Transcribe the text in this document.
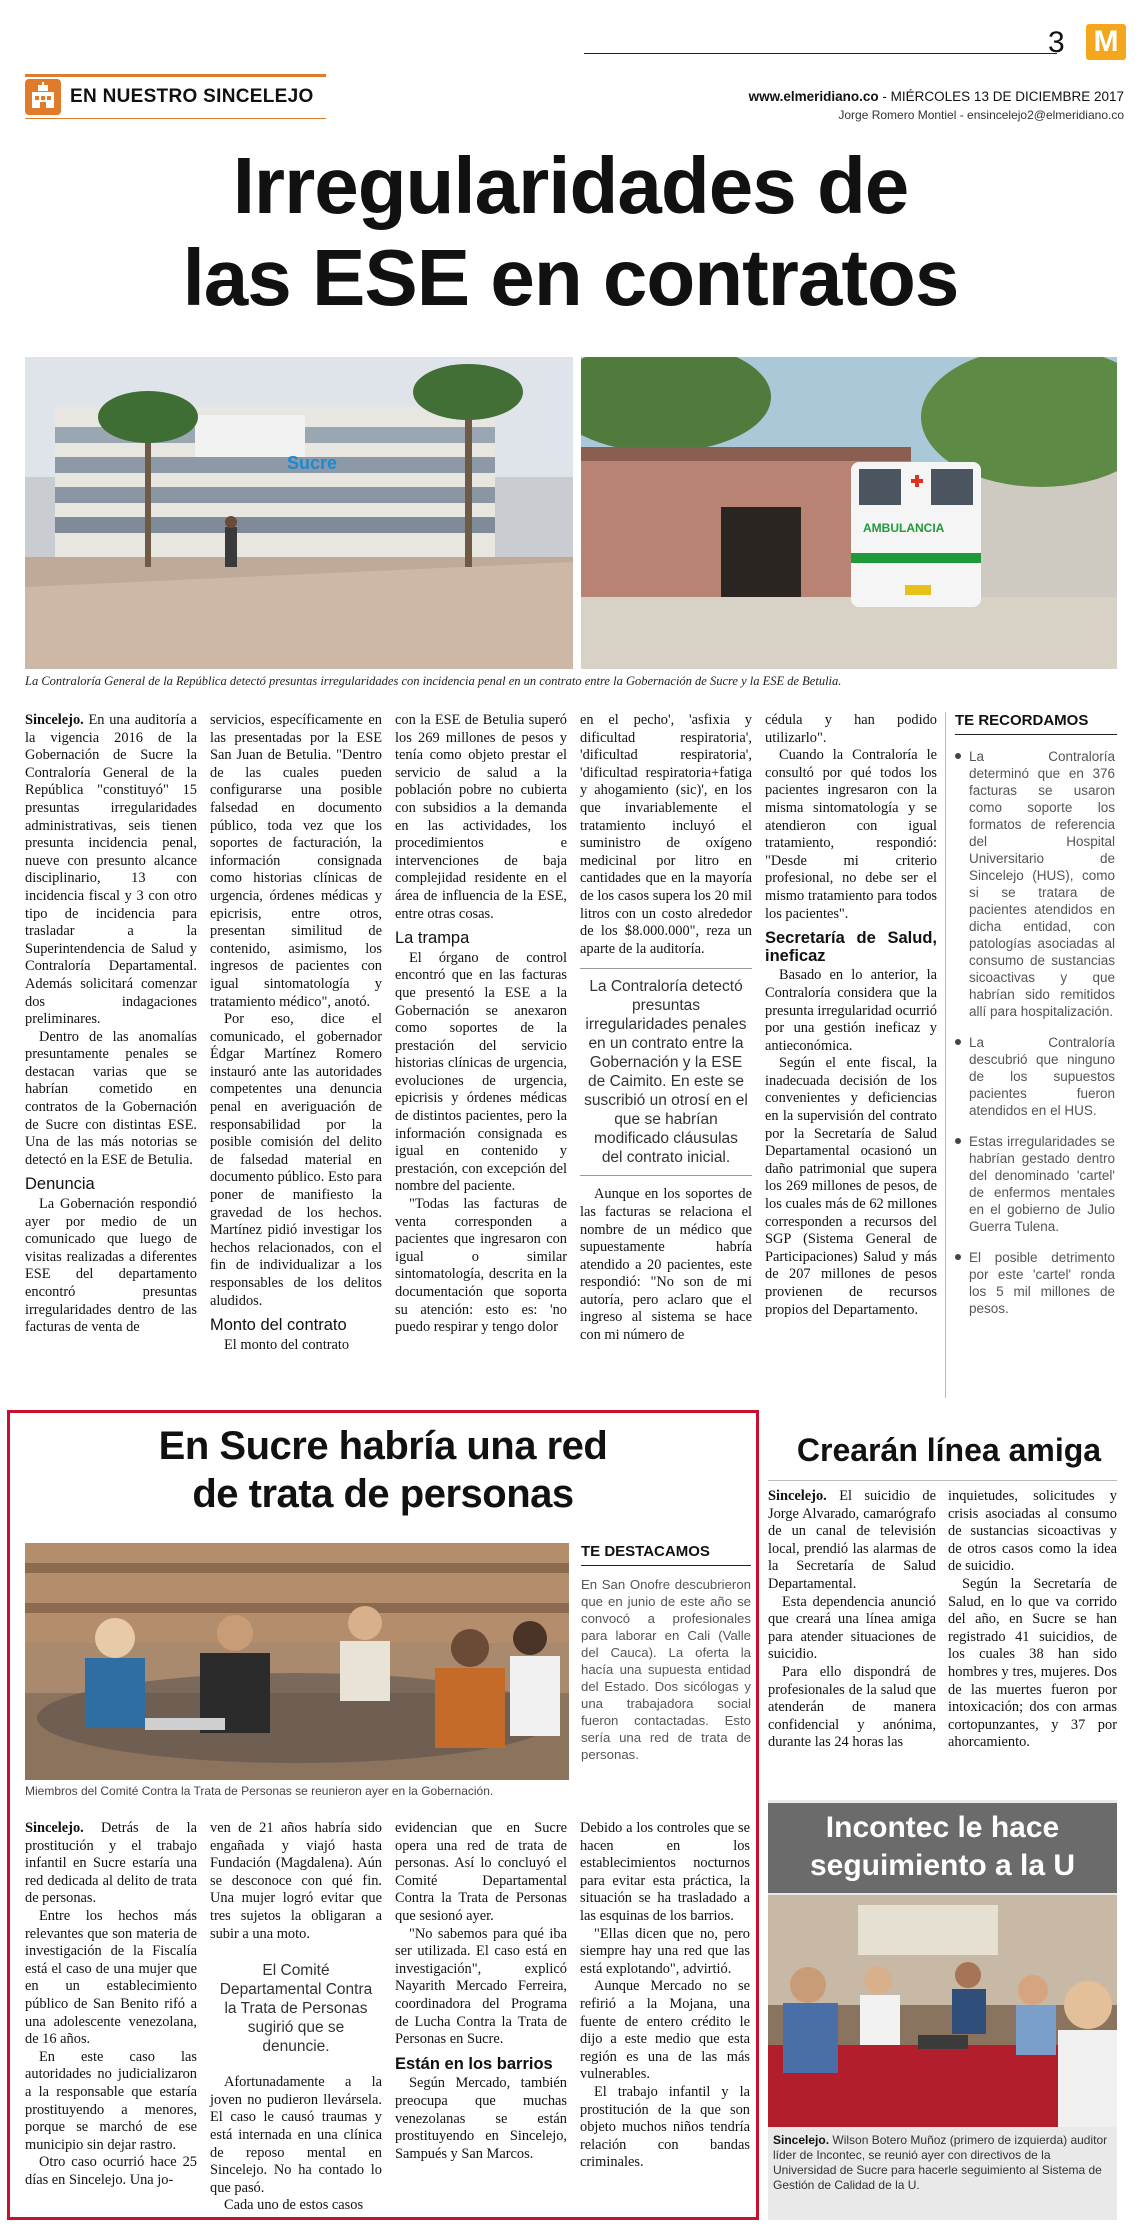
3 M
EN NUESTRO SINCELEJO	www.elmeridiano.co - MIÉRCOLES 13 DE DICIEMBRE 2017
Jorge Romero Montiel - ensincelejo2@elmeridiano.co
Irregularidades de
las ESE en contratos
Sucre
AMBULANCIA
La Contraloría General de la República detectó presuntas irregularidades con incidencia penal en un contrato entre la Gobernación de Sucre y la ESE de Betulia.

Sincelejo. En una auditoría a la vigencia 2016 de la Gobernación de Sucre la Contraloría General de la República "constituyó" 15 presuntas irregularidades administrativas, seis tienen presunta incidencia penal, nueve con presunto alcance disciplinario, 13 con incidencia fiscal y 3 con otro tipo de incidencia para trasladar a la Superintendencia de Salud y Contraloría Departamental. Además solicitará comenzar dos indagaciones preliminares.

Dentro de las anomalías presuntamente penales se destacan varias que se habrían cometido en contratos de la Gobernación de Sucre con distintas ESE. Una de las más notorias se detectó en la ESE de Betulia.

Denuncia

La Gobernación respondió ayer por medio de un comunicado que luego de visitas realizadas a diferentes ESE del departamento encontró presuntas irregularidades dentro de las facturas de venta de

servicios, específicamente en las presentadas por la ESE San Juan de Betulia. "Dentro de las cuales pueden configurarse una posible falsedad en documento público, toda vez que los soportes de facturación, la información consignada como historias clínicas de urgencia, órdenes médicas y epicrisis, entre otros, presentan similitud de contenido, asimismo, los ingresos de pacientes con igual sintomatología y tratamiento médico", anotó.

Por eso, dice el comunicado, el gobernador Édgar Martínez Romero instauró ante las autoridades competentes una denuncia penal en averiguación de responsabilidad por la posible comisión del delito de falsedad material en documento público. Esto para poner de manifiesto la gravedad de los hechos. Martínez pidió investigar los hechos relacionados, con el fin de individualizar a los responsables de los delitos aludidos.

Monto del contrato

El monto del contrato

con la ESE de Betulia superó los 269 millones de pesos y tenía como objeto prestar el servicio de salud a la población pobre no cubierta con subsidios a la demanda en las actividades, los procedimientos e intervenciones de baja complejidad residente en el área de influencia de la ESE, entre otras cosas.

La trampa

El órgano de control encontró que en las facturas que presentó la ESE a la Gobernación se anexaron como soportes de la prestación del servicio historias clínicas de urgencia, evoluciones de urgencia, epicrisis y órdenes médicas de distintos pacientes, pero la información consignada es igual en contenido y prestación, con excepción del nombre del paciente.

"Todas las facturas de venta corresponden a pacientes que ingresaron con igual o similar sintomatología, descrita en la documentación que soporta su atención: esto es: 'no puedo respirar y tengo dolor

en el pecho', 'asfixia y dificultad respiratoria', 'dificultad respiratoria', 'dificultad respiratoria+fatiga y ahogamiento (sic)', en los que invariablemente el tratamiento incluyó el suministro de oxígeno medicinal por litro en cantidades que en la mayoría de los casos supera los 20 mil litros con un costo alrededor de los $8.000.000", reza un aparte de la auditoría.

La Contraloría detectó presuntas irregularidades penales en un contrato entre la Gobernación y la ESE de Caimito. En este se suscribió un otrosí en el que se habrían modificado cláusulas del contrato inicial.

Aunque en los soportes de las facturas se relaciona el nombre de un médico que supuestamente habría atendido a 20 pacientes, este respondió: "No son de mi autoría, pero aclaro que el ingreso al sistema se hace con mi número de

cédula y han podido utilizarlo".

Cuando la Contraloría le consultó por qué todos los pacientes ingresaron con la misma sintomatología y se atendieron con igual tratamiento, respondió: "Desde mi criterio profesional, no debe ser el mismo tratamiento para todos los pacientes".

Secretaría de Salud, ineficaz

Basado en lo anterior, la Contraloría considera que la presunta irregularidad ocurrió por una gestión ineficaz y antieconómica.

Según el ente fiscal, la inadecuada decisión de los convenientes y deficiencias en la supervisión del contrato por la Secretaría de Salud Departamental ocasionó un daño patrimonial que supera los 269 millones de pesos, de los cuales más de 62 millones corresponden a recursos del SGP (Sistema General de Participaciones) Salud y más de 207 millones de pesos provienen de recursos propios del Departamento.

TE RECORDAMOS

La Contraloría determinó que en 376 facturas se usaron como soporte los formatos de referencia del Hospital Universitario de Sincelejo (HUS), como si se tratara de pacientes atendidos en dicha entidad, con patologías asociadas al consumo de sustancias sicoactivas y que habrían sido remitidos allí para hospitalización.

La Contraloría descubrió que ninguno de los supuestos pacientes fueron atendidos en el HUS.

Estas irregularidades se habrían gestado dentro del denominado 'cartel' de enfermos mentales en el gobierno de Julio Guerra Tulena.

El posible detrimento por este 'cartel' ronda los 5 mil millones de pesos.

En Sucre habría una red
de trata de personas
Miembros del Comité Contra la Trata de Personas se reunieron ayer en la Gobernación.
TE DESTACAMOS
En San Onofre descubrieron que en junio de este año se convocó a profesionales para laborar en Cali (Valle del Cauca). La oferta la hacía una supuesta entidad del Estado. Dos sicólogas y una trabajadora social fueron contactadas. Esto sería una red de trata de personas.

Sincelejo. Detrás de la prostitución y el trabajo infantil en Sucre estaría una red dedicada al delito de trata de personas.

Entre los hechos más relevantes que son materia de investigación de la Fiscalía está el caso de una mujer que en un establecimiento público de San Benito rifó a una adolescente venezolana, de 16 años.

En este caso las autoridades no judicializaron a la responsable que estaría prostituyendo a menores, porque se marchó de ese municipio sin dejar rastro.

Otro caso ocurrió hace 25 días en Sincelejo. Una jo-

ven de 21 años habría sido engañada y viajó hasta Fundación (Magdalena). Aún se desconoce con qué fin. Una mujer logró evitar que tres sujetos la obligaran a subir a una moto.

El Comité Departamental Contra la Trata de Personas sugirió que se denuncie.

Afortunadamente a la joven no pudieron llevársela. El caso le causó traumas y está internada en una clínica de reposo mental en Sincelejo. No ha contado lo que pasó.

Cada uno de estos casos

evidencian que en Sucre opera una red de trata de personas. Así lo concluyó el Comité Departamental Contra la Trata de Personas que sesionó ayer.

"No sabemos para qué iba ser utilizada. El caso está en investigación", explicó Nayarith Mercado Ferreira, coordinadora del Programa de Lucha Contra la Trata de Personas en Sucre.

Están en los barrios

Según Mercado, también preocupa que muchas venezolanas se están prostituyendo en Sincelejo, Sampués y San Marcos.

Debido a los controles que se hacen en los establecimientos nocturnos para evitar esta práctica, la situación se ha trasladado a las esquinas de los barrios.

"Ellas dicen que no, pero siempre hay una red que las está explotando", advirtió.

Aunque Mercado no se refirió a la Mojana, una fuente de entero crédito le dijo a este medio que esta región es una de las más vulnerables.

El trabajo infantil y la prostitución de la que son objeto muchos niños tendría relación con bandas criminales.

Crearán línea amiga

Sincelejo. El suicidio de Jorge Alvarado, camarógrafo de un canal de televisión local, prendió las alarmas de la Secretaría de Salud Departamental.

Esta dependencia anunció que creará una línea amiga para atender situaciones de suicidio.

Para ello dispondrá de profesionales de la salud que atenderán de manera confidencial y anónima, durante las 24 horas las

inquietudes, solicitudes y crisis asociadas al consumo de sustancias sicoactivas y de otros casos como la idea de suicidio.

Según la Secretaría de Salud, en lo que va corrido del año, en Sucre se han registrado 41 suicidios, de los cuales 38 han sido hombres y tres, mujeres. Dos de las muertes fueron por intoxicación; dos con armas cortopunzantes, y 37 por ahorcamiento.

Incontec le hace
seguimiento a la U
Sincelejo. Wilson Botero Muñoz (primero de izquierda) auditor líder de Incontec, se reunió ayer con directivos de la Universidad de Sucre para hacerle seguimiento al Sistema de Gestión de Calidad de la U.
